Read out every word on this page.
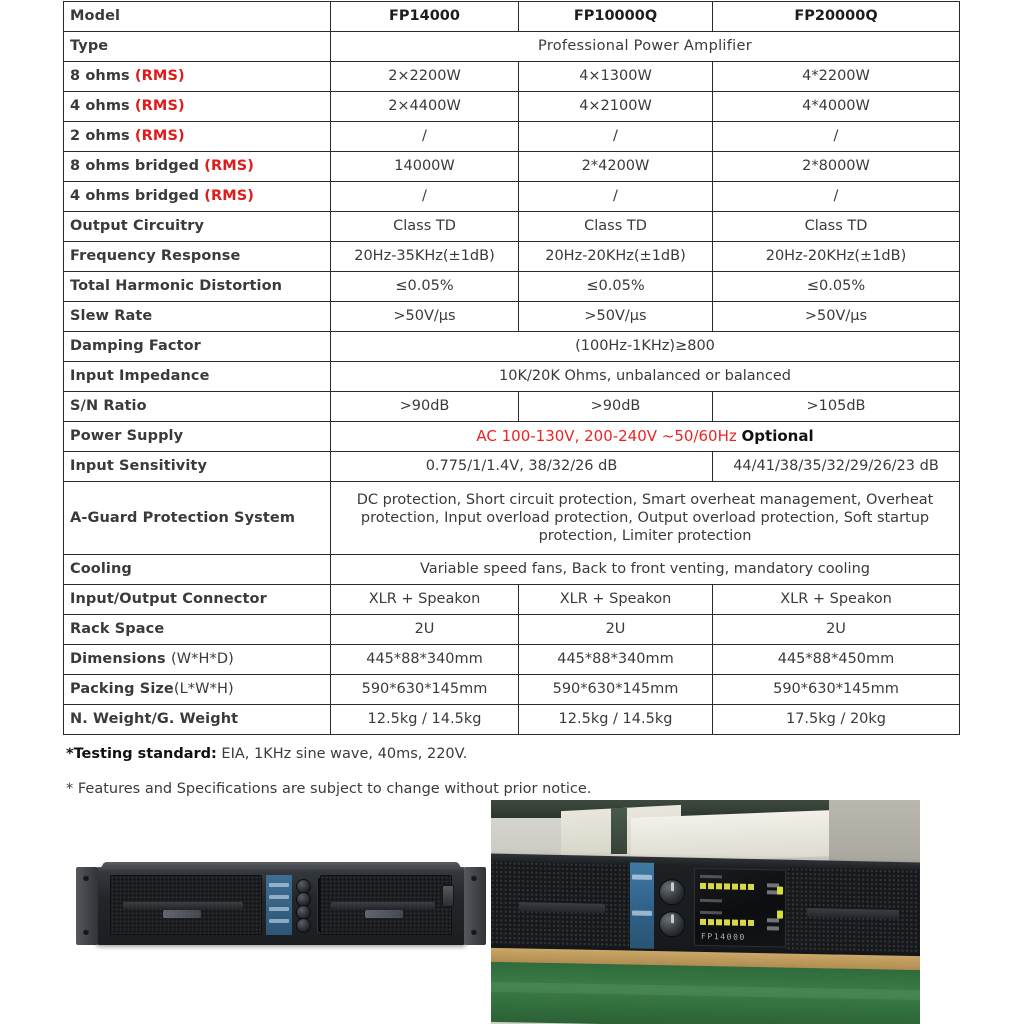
Model	FP14000	FP10000Q	FP20000Q
Type	Professional Power Amplifier		
8 ohms (RMS)	2×2200W	4×1300W	4*2200W
4 ohms (RMS)	2×4400W	4×2100W	4*4000W
2 ohms (RMS)	/	/	/
8 ohms bridged (RMS)	14000W	2*4200W	2*8000W
4 ohms bridged (RMS)	/	/	/
Output Circuitry	Class TD	Class TD	Class TD
Frequency Response	20Hz-35KHz(±1dB)	20Hz-20KHz(±1dB)	20Hz-20KHz(±1dB)
Total Harmonic Distortion	≤0.05%	≤0.05%	≤0.05%
Slew Rate	>50V/μs	>50V/μs	>50V/μs
Damping Factor	(100Hz-1KHz)≥800		
Input Impedance	10K/20K Ohms, unbalanced or balanced		
S/N Ratio	>90dB	>90dB	>105dB
Power Supply	AC 100-130V, 200-240V ~50/60Hz Optional		
Input Sensitivity	0.775/1/1.4V, 38/32/26 dB		44/41/38/35/32/29/26/23 dB
A-Guard Protection System	DC protection, Short circuit protection, Smart overheat management, Overheat protection, Input overload protection, Output overload protection, Soft startup protection, Limiter protection		
Cooling	Variable speed fans, Back to front venting, mandatory cooling		
Input/Output Connector	XLR + Speakon	XLR + Speakon	XLR + Speakon
Rack Space	2U	2U	2U
Dimensions (W*H*D)	445*88*340mm	445*88*340mm	445*88*450mm
Packing Size(L*W*H)	590*630*145mm	590*630*145mm	590*630*145mm
N. Weight/G. Weight	12.5kg / 14.5kg	12.5kg / 14.5kg	17.5kg / 20kg
*Testing standard: EIA, 1KHz sine wave, 40ms, 220V.
* Features and Specifications are subject to change without prior notice.
FP14000
